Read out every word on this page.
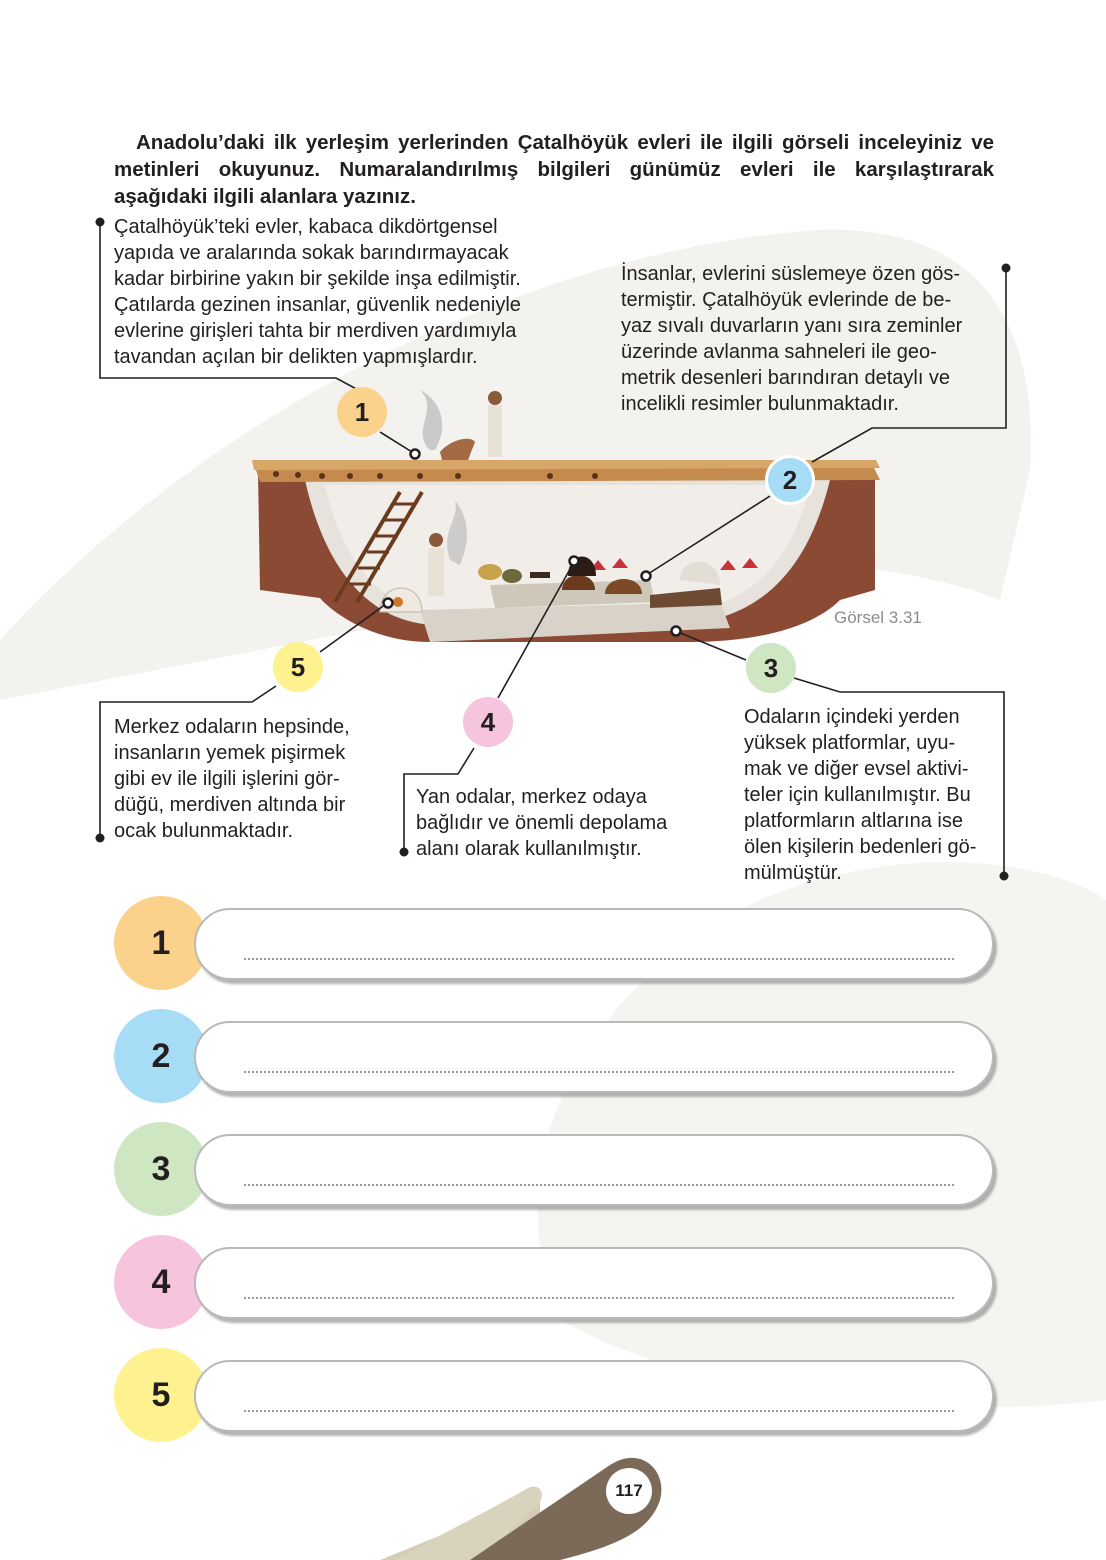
Anadolu’daki ilk yerleşim yerlerinden Çatalhöyük evleri ile ilgili görseli inceleyiniz ve metinleri okuyunuz. Numaralandırılmış bilgileri günümüz evleri ile karşılaştırarak aşağıdaki ilgili alanlara yazınız.

Görsel 3.31
Çatalhöyük’teki evler, kabaca dikdörtgensel
yapıda ve aralarında sokak barındırmayacak
kadar birbirine yakın bir şekilde inşa edilmiştir.
Çatılarda gezinen insanlar, güvenlik nedeniyle
evlerine girişleri tahta bir merdiven yardımıyla
tavandan açılan bir delikten yapmışlardır.
İnsanlar, evlerini süslemeye özen gös-
termiştir. Çatalhöyük evlerinde de be-
yaz sıvalı duvarların yanı sıra zeminler
üzerinde avlanma sahneleri ile geo-
metrik desenleri barındıran detaylı ve
incelikli resimler bulunmaktadır.
Odaların içindeki yerden
yüksek platformlar, uyu-
mak ve diğer evsel aktivi-
teler için kullanılmıştır. Bu
platformların altlarına ise
ölen kişilerin bedenleri gö-
mülmüştür.
Yan odalar, merkez odaya
bağlıdır ve önemli depolama
alanı olarak kullanılmıştır.
Merkez odaların hepsinde,
insanların yemek pişirmek
gibi ev ile ilgili işlerini gör-
düğü, merdiven altında bir
ocak bulunmaktadır.
1
2
3
4
5
1
2
3
4
5
117
